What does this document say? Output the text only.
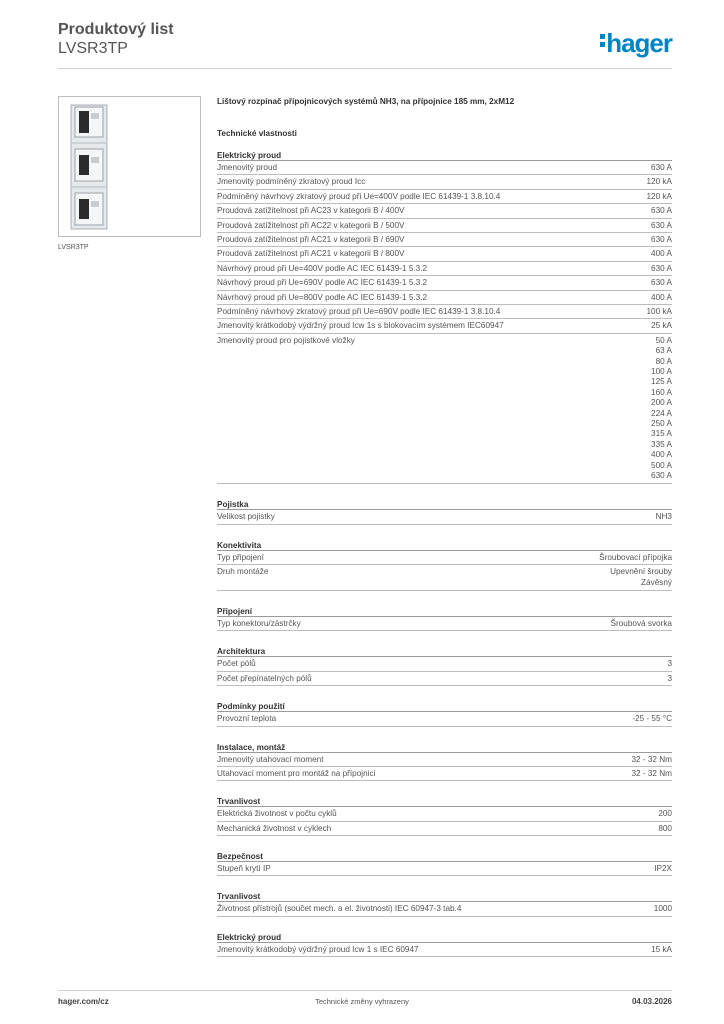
Produktový list
LVSR3TP	hager
LVSR3TP
Lištový rozpínač přípojnicových systémů NH3, na přípojnice 185 mm, 2xM12
Technické vlastnosti
Elektrický proud
Jmenovitý proud	630 A
Jmenovitý podmíněný zkratový proud Icc	120 kA
Podmíněný návrhový zkratový proud při Ue=400V podle IEC 61439-1 3.8.10.4	120 kA
Proudová zatížitelnost při AC23 v kategorii B / 400V	630 A
Proudová zatížitelnost při AC22 v kategorii B / 500V	630 A
Proudová zatížitelnost při AC21 v kategorii B / 690V	630 A
Proudová zatížitelnost při AC21 v kategorii B / 800V	400 A
Návrhový proud při Ue=400V podle AC IEC 61439-1 5.3.2	630 A
Návrhový proud při Ue=690V podle AC IEC 61439-1 5.3.2	630 A
Návrhový proud při Ue=800V podle AC IEC 61439-1 5.3.2	400 A
Podmíněný návrhový zkratový proud při Ue=690V podle IEC 61439-1 3.8.10.4	100 kA
Jmenovitý krátkodobý výdržný proud Icw 1s s blokovacím systémem IEC60947	25 kA
Jmenovitý proud pro pojistkové vložky	50 A
63 A
80 A
100 A
125 A
160 A
200 A
224 A
250 A
315 A
335 A
400 A
500 A
630 A
Pojistka
Velikost pojistky	NH3
Konektivita
Typ připojení	Šroubovací přípojka
Druh montáže	Upevnění šrouby
Závěsný
Připojení
Typ konektoru/zástrčky	Šroubová svorka
Architektura
Počet pólů	3
Počet přepínatelných pólů	3
Podmínky použití
Provozní teplota	-25 - 55 °C
Instalace, montáž
Jmenovitý utahovací moment	32 - 32 Nm
Utahovací moment pro montáž na přípojnici	32 - 32 Nm
Trvanlivost
Elektrická životnost v počtu cyklů	200
Mechanická životnost v cyklech	800
Bezpečnost
Stupeň krytí IP	IP2X
Trvanlivost
Životnost přístrojů (součet mech. a el. životnosti) IEC 60947-3 tab.4	1000
Elektrický proud
Jmenovitý krátkodobý výdržný proud Icw 1 s IEC 60947	15 kA
hager.com/cz	Technické změny vyhrazeny	04.03.2026
